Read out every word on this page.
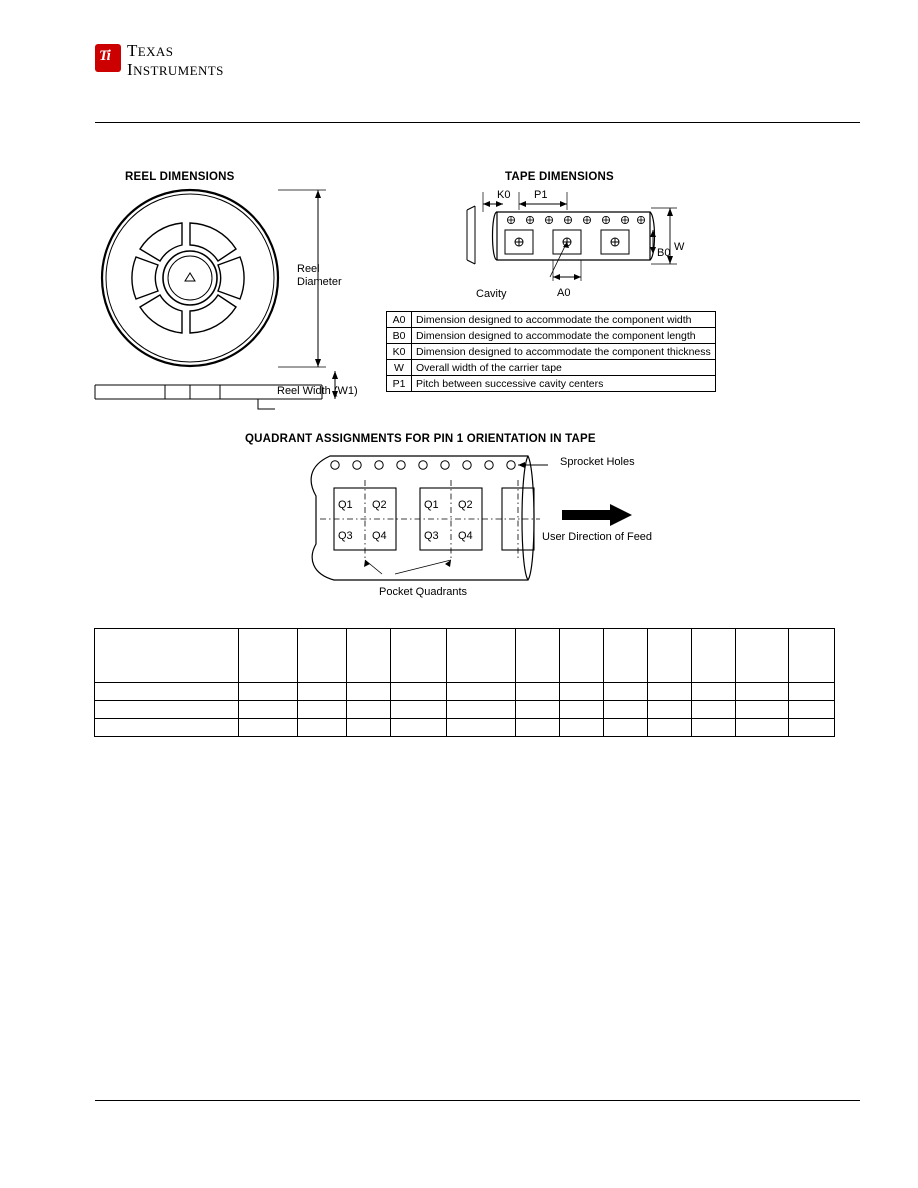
Ti TEXAS
INSTRUMENTS
REEL DIMENSIONS
Reel
Diameter
Reel Width (W1)
TAPE DIMENSIONS
K0 P1
W
B0
A0
Cavity
A0	Dimension designed to accommodate the component width
B0	Dimension designed to accommodate the component length
K0	Dimension designed to accommodate the component thickness
W	Overall width of the carrier tape
P1	Pitch between successive cavity centers
QUADRANT ASSIGNMENTS FOR PIN 1 ORIENTATION IN TAPE
Q1 Q2
Q3 Q4
Q1 Q2
Q3 Q4
Sprocket Holes
User Direction of Feed
Pocket Quadrants
